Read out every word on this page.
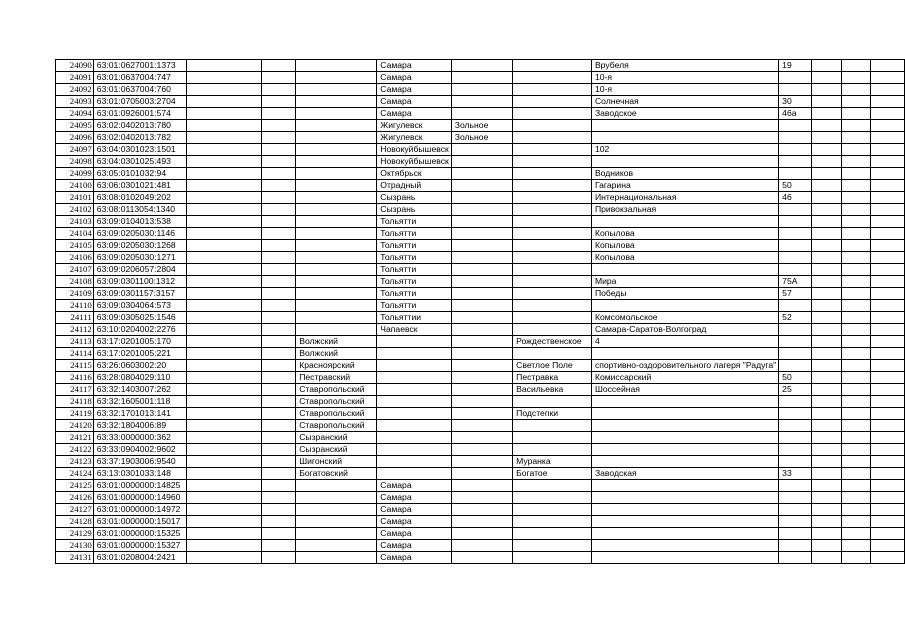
24090	63:01:0627001:1373				Самара			Врубеля	19			
24091	63:01:0637004:747				Самара			10-я				
24092	63:01:0637004:760				Самара			10-я				
24093	63:01:0705003:2704				Самара			Солнечная	30			
24094	63:01:0926001:574				Самара			Заводское	46а			
24095	63:02:0402013:780				Жигулевск	Зольное						
24096	63:02:0402013:782				Жигулевск	Зольное						
24097	63:04:0301023:1501				Новокуйбышевск			102				
24098	63:04:0301025:493				Новокуйбышевск							
24099	63:05:0101032:94				Октябрьск			Водников				
24100	63:06:0301021:481				Отрадный			Гагарина	50			
24101	63:08:0102049:202				Сызрань			Интернациональная	46			
24102	63:08:0113054:1340				Сызрань			Привокзальная				
24103	63:09:0104013:538				Тольятти							
24104	63:09:0205030:1146				Тольятти			Копылова				
24105	63:09:0205030:1268				Тольятти			Копылова				
24106	63:09:0205030:1271				Тольятти			Копылова				
24107	63:09:0206057:2804				Тольятти							
24108	63:09:0301100:1312				Тольятти			Мира	75А			
24109	63:09:0301157:3157				Тольятти			Победы	57			
24110	63:09:0304064:573				Тольятти							
24111	63:09:0305025:1546				Тольяттии			Комсомольское	52			
24112	63:10:0204002:2276				Чапаевск			Самара-Саратов-Волгоград				
24113	63:17:0201005:170			Волжский			Рождественское	4				
24114	63:17:0201005:221			Волжский								
24115	63:26:0603002:20			Красноярский			Светлое Поле	спортивно-оздоровительного лагеря "Радуга"				
24116	63:28:0804029:110			Пестравский			Пестравка	Комиссарский	50			
24117	63:32:1403007:262			Ставропольский			Васильевка	Шоссейная	25			
24118	63:32:1605001:118			Ставропольский								
24119	63:32:1701013:141			Ставропольский			Подстепки					
24120	63:32:1804006:89			Ставропольский								
24121	63:33:0000000:362			Сызранский								
24122	63:33:0904002:9602			Сызранский								
24123	63:37:1903006:9540			Шигонский			Муранка					
24124	63:13:0301033:148			Богатовский			Богатое	Заводская	33			
24125	63:01:0000000:14825				Самара							
24126	63:01:0000000:14960				Самара							
24127	63:01:0000000:14972				Самара							
24128	63:01:0000000:15017				Самара							
24129	63:01:0000000:15325				Самара							
24130	63:01:0000000:15327				Самара							
24131	63:01:0208004:2421				Самара							
